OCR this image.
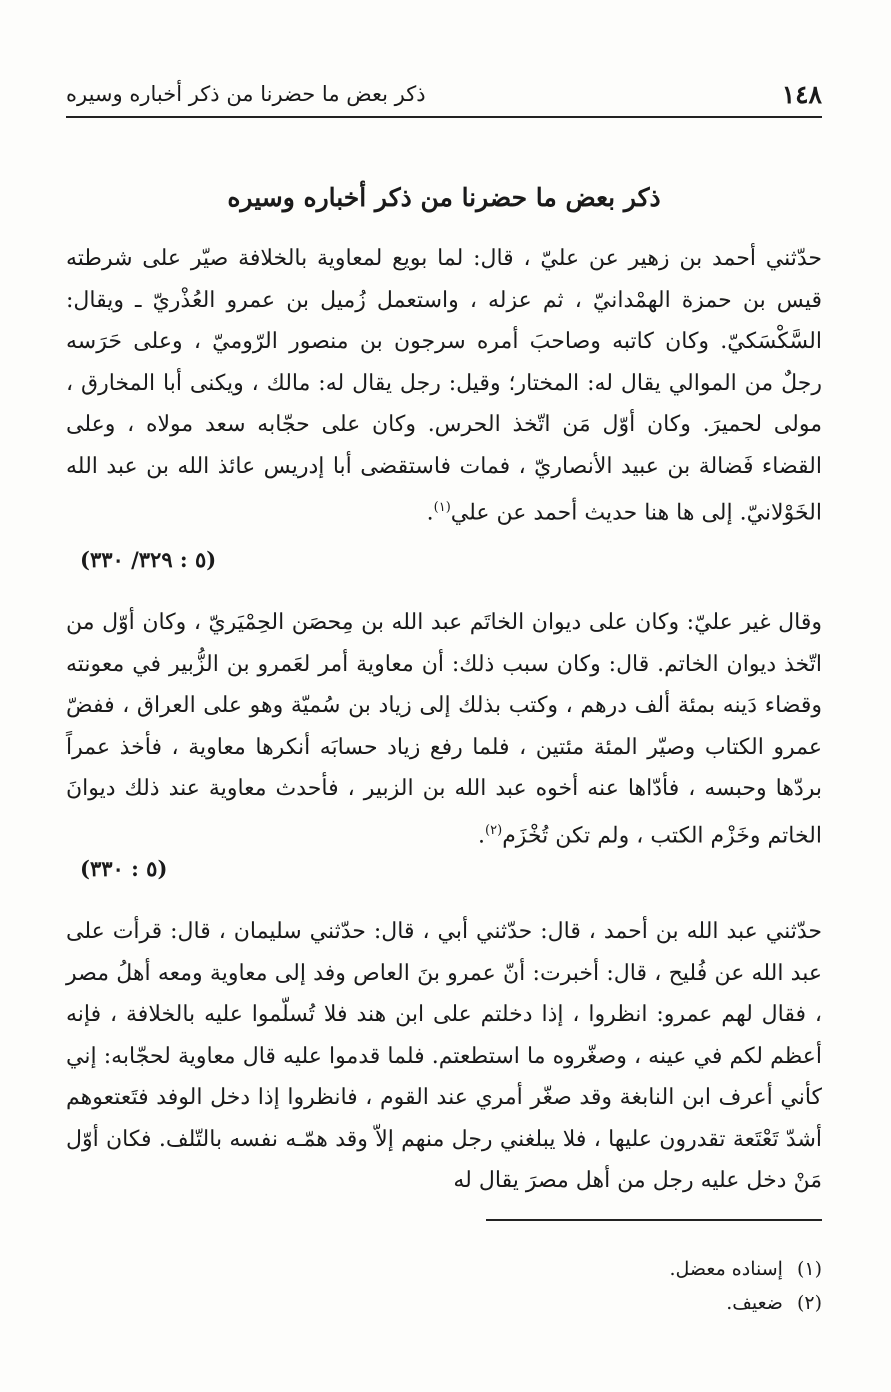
١٤٨
ذكر بعض ما حضرنا من ذكر أخباره وسيره
ذكر بعض ما حضرنا من ذكر أخباره وسيره

حدّثني أحمد بن زهير عن عليّ ، قال: لما بويع لمعاوية بالخلافة صيّر على شرطته قيس بن حمزة الهمْدانيّ ، ثم عزله ، واستعمل زُميل بن عمرو العُذْريّ ـ ويقال: السَّكْسَكيّ. وكان كاتبه وصاحبَ أمره سرجون بن منصور الرّوميّ ، وعلى حَرَسه رجلٌ من الموالي يقال له: المختار؛ وقيل: رجل يقال له: مالك ، ويكنى أبا المخارق ، مولى لحميرَ. وكان أوّل مَن اتّخذ الحرس. وكان على حجّابه سعد مولاه ، وعلى القضاء فَضالة بن عبيد الأنصاريّ ، فمات فاستقضى أبا إدريس عائذ الله بن عبد الله الخَوْلانيّ. إلى ها هنا حديث أحمد عن علي$^{(١)}$.

(٥ : ٣٢٩/ ٣٣٠)

وقال غير عليّ: وكان على ديوان الخاتَم عبد الله بن مِحصَن الحِمْيَريّ ، وكان أوّل من اتّخذ ديوان الخاتم. قال: وكان سبب ذلك: أن معاوية أمر لعَمرو بن الزُّبير في معونته وقضاء دَينه بمئة ألف درهم ، وكتب بذلك إلى زياد بن سُميّة وهو على العراق ، ففضّ عمرو الكتاب وصيّر المئة مئتين ، فلما رفع زياد حسابَه أنكرها معاوية ، فأخذ عمراً بردّها وحبسه ، فأدّاها عنه أخوه عبد الله بن الزبير ، فأحدث معاوية عند ذلك ديوانَ الخاتم وخَزْم الكتب ، ولم تكن تُخْزَم$^{(٢)}$.

(٥ : ٣٣٠)

حدّثني عبد الله بن أحمد ، قال: حدّثني أبي ، قال: حدّثني سليمان ، قال: قرأت على عبد الله عن فُليح ، قال: أخبرت: أنّ عمرو بنَ العاص وفد إلى معاوية ومعه أهلُ مصر ، فقال لهم عمرو: انظروا ، إذا دخلتم على ابن هند فلا تُسلّموا عليه بالخلافة ، فإنه أعظم لكم في عينه ، وصغّروه ما استطعتم. فلما قدموا عليه قال معاوية لحجّابه: إني كأني أعرف ابن النابغة وقد صغّر أمري عند القوم ، فانظروا إذا دخل الوفد فتَعتعوهم أشدّ تَعْتَعة تقدرون عليها ، فلا يبلغني رجل منهم إلاّ وقد همّـه نفسه بالتّلف. فكان أوّل مَنْ دخل عليه رجل من أهل مصرَ يقال له

(١)
إسناده معضل.
(٢)
ضعيف.
